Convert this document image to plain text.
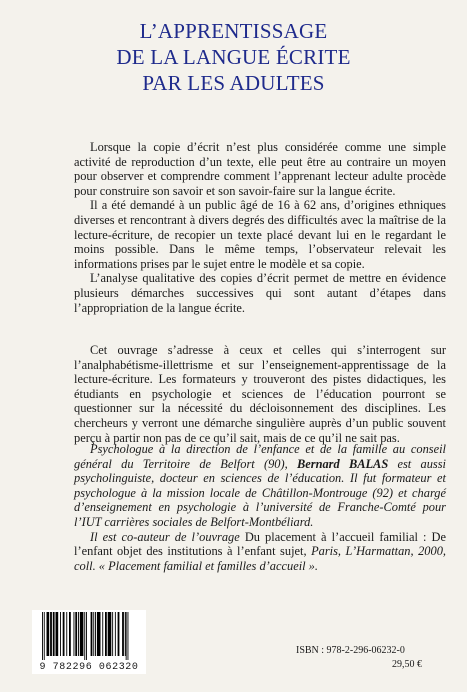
L’APPRENTISSAGE
DE LA LANGUE ÉCRITE
PAR LES ADULTES

Lorsque la copie d’écrit n’est plus considérée comme une simple activité de reproduction d’un texte, elle peut être au contraire un moyen pour observer et comprendre comment l’apprenant lecteur adulte procède pour construire son savoir et son savoir-faire sur la langue écrite.

Il a été demandé à un public âgé de 16 à 62 ans, d’origines ethniques diverses et rencontrant à divers degrés des difficultés avec la maîtrise de la lecture-écriture, de recopier un texte placé devant lui en le regardant le moins possible. Dans le même temps, l’observateur relevait les informations prises par le sujet entre le modèle et sa copie.

L’analyse qualitative des copies d’écrit permet de mettre en évidence plusieurs démarches successives qui sont autant d’étapes dans l’appropriation de la langue écrite.

Cet ouvrage s’adresse à ceux et celles qui s’interrogent sur l’analphabétisme-illettrisme et sur l’enseignement-apprentissage de la lecture-écriture. Les formateurs y trouveront des pistes didactiques, les étudiants en psychologie et sciences de l’éducation pourront se questionner sur la nécessité du décloisonnement des disciplines. Les chercheurs y verront une démarche singulière auprès d’un public souvent perçu à partir non pas de ce qu’il sait, mais de ce qu’il ne sait pas.

Psychologue à la direction de l’enfance et de la famille au conseil général du Territoire de Belfort (90), Bernard BALAS est aussi psycholinguiste, docteur en sciences de l’éducation. Il fut formateur et psychologue à la mission locale de Châtillon-Montrouge (92) et chargé d’enseignement en psychologie à l’université de Franche-Comté pour l’IUT carrières sociales de Belfort-Montbéliard.

Il est co-auteur de l’ouvrage Du placement à l’accueil familial : De l’enfant objet des institutions à l’enfant sujet, Paris, L’Harmattan, 2000, coll. « Placement familial et familles d’accueil ».

9 782296 062320
ISBN : 978-2-296-06232-0
29,50 €
